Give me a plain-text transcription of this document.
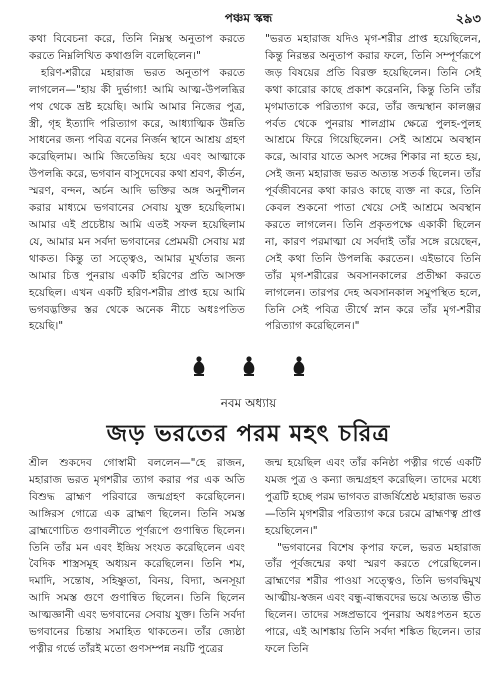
পঞ্চম স্কন্ধ	২৯৩

কথা বিবেচনা করে, তিনি নিম্নস্থ অনুতাপ করতে করতে নিম্নলিখিত কথাগুলি বলেছিলেন।"

হরিণ-শরীরে মহারাজ ভরত অনুতাপ করতে লাগলেন—"হায় কী দুর্ভাগ্য! আমি আত্ম-উপলব্ধির পথ থেকে ভ্রষ্ট হয়েছি। আমি আমার নিজের পুত্র, স্ত্রী, গৃহ ইত্যাদি পরিত্যাগ করে, আধ্যাত্মিক উন্নতি সাধনের জন্য পবিত্র বনের নির্জন স্থানে আশ্রয় গ্রহণ করেছিলাম। আমি জিতেন্দ্রিয় হয়ে এবং আত্মাকে উপলব্ধি করে, ভগবান বাসুদেবের কথা শ্রবণ, কীর্তন, স্মরণ, বন্দন, অর্চন আদি ভক্তির অঙ্গ অনুশীলন করার মাধ্যমে ভগবানের সেবায় যুক্ত হয়েছিলাম। আমার এই প্রচেষ্টায় আমি এতই সফল হয়েছিলাম যে, আমার মন সর্বদা ভগবানের প্রেমময়ী সেবায় মগ্ন থাকত। কিন্তু তা সত্ত্বেও, আমার মূর্খতার জন্য আমার চিত্ত পুনরায় একটি হরিণের প্রতি আসক্ত হয়েছিল। এখন একটি হরিণ-শরীর প্রাপ্ত হয়ে আমি ভগবদ্ভক্তির স্তর থেকে অনেক নীচে অধঃপতিত হয়েছি।"

"ভরত মহারাজ যদিও মৃগ-শরীর প্রাপ্ত হয়েছিলেন, কিন্তু নিরন্তর অনুতাপ করার ফলে, তিনি সম্পূর্ণরূপে জড় বিষয়ের প্রতি বিরক্ত হয়েছিলেন। তিনি সেই কথা কারোর কাছে প্রকাশ করেননি, কিন্তু তিনি তাঁর মৃগমাতাকে পরিত্যাগ করে, তাঁর জন্মস্থান কালঞ্জর পর্বত থেকে পুনরায় শালগ্রাম ক্ষেত্রে পুলহ-পুলহ আশ্রমে ফিরে গিয়েছিলেন। সেই আশ্রমে অবস্থান করে, আবার যাতে অসৎ সঙ্গের শিকার না হতে হয়, সেই জন্য মহারাজ ভরত অত্যন্ত সতর্ক ছিলেন। তাঁর পূর্বজীবনের কথা কারও কাছে ব্যক্ত না করে, তিনি কেবল শুকনো পাতা খেয়ে সেই আশ্রমে অবস্থান করতে লাগলেন। তিনি প্রকৃতপক্ষে একাকী ছিলেন না, কারণ পরমাত্মা যে সর্বদাই তাঁর সঙ্গে রয়েছেন, সেই কথা তিনি উপলব্ধি করতেন। এইভাবে তিনি তাঁর মৃগ-শরীরের অবসানকালের প্রতীক্ষা করতে লাগলেন। তারপর দেহ অবসানকাল সমুপস্থিত হলে, তিনি সেই পবিত্র তীর্থে স্নান করে তাঁর মৃগ-শরীর পরিত্যাগ করেছিলেন।"

নবম অধ্যায়
জড় ভরতের পরম মহৎ চরিত্র

শ্রীল শুকদেব গোস্বামী বললেন—"হে রাজন, মহারাজ ভরত মৃগশরীর ত্যাগ করার পর এক অতি বিশুদ্ধ ব্রাহ্মণ পরিবারে জন্মগ্রহণ করেছিলেন। আঙ্গিরস গোত্রে এক ব্রাহ্মণ ছিলেন। তিনি সমস্ত ব্রাহ্মণোচিত গুণাবলীতে পূর্ণরূপে গুণান্বিত ছিলেন। তিনি তাঁর মন এবং ইন্দ্রিয় সংযত করেছিলেন এবং বৈদিক শাস্ত্রসমূহ অধ্যয়ন করেছিলেন। তিনি শম, দমাদি, সন্তোষ, সহিষ্ণুতা, বিনয়, বিদ্যা, অনসূয়া আদি সমস্ত গুণে গুণান্বিত ছিলেন। তিনি ছিলেন আত্মজ্ঞানী এবং ভগবানের সেবায় যুক্ত। তিনি সর্বদা ভগবানের চিন্তায় সমাহিত থাকতেন। তাঁর জ্যেষ্ঠা পত্নীর গর্ভে তাঁরই মতো গুণসম্পন্ন নয়টি পুত্রের

জন্ম হয়েছিল এবং তাঁর কনিষ্ঠা পত্নীর গর্ভে একটি যমজ পুত্র ও কন্যা জন্মগ্রহণ করেছিল। তাদের মধ্যে পুত্রটি হচ্ছে পরম ভাগবত রাজর্ষিশ্রেষ্ঠ মহারাজ ভরত—তিনি মৃগশরীর পরিত্যাগ করে চরমে ব্রাহ্মণত্ব প্রাপ্ত হয়েছিলেন।"

"ভগবানের বিশেষ কৃপার ফলে, ভরত মহারাজ তাঁর পূর্বজন্মের কথা স্মরণ করতে পেরেছিলেন। ব্রাহ্মণের শরীর পাওয়া সত্ত্বেও, তিনি ভগবদ্বিমুখ আত্মীয়-স্বজন এবং বন্ধু-বান্ধবদের ভয়ে অত্যন্ত ভীত ছিলেন। তাদের সঙ্গপ্রভাবে পুনরায় অধঃপতন হতে পারে, এই আশঙ্কায় তিনি সর্বদা শঙ্কিত ছিলেন। তার ফলে তিনি
